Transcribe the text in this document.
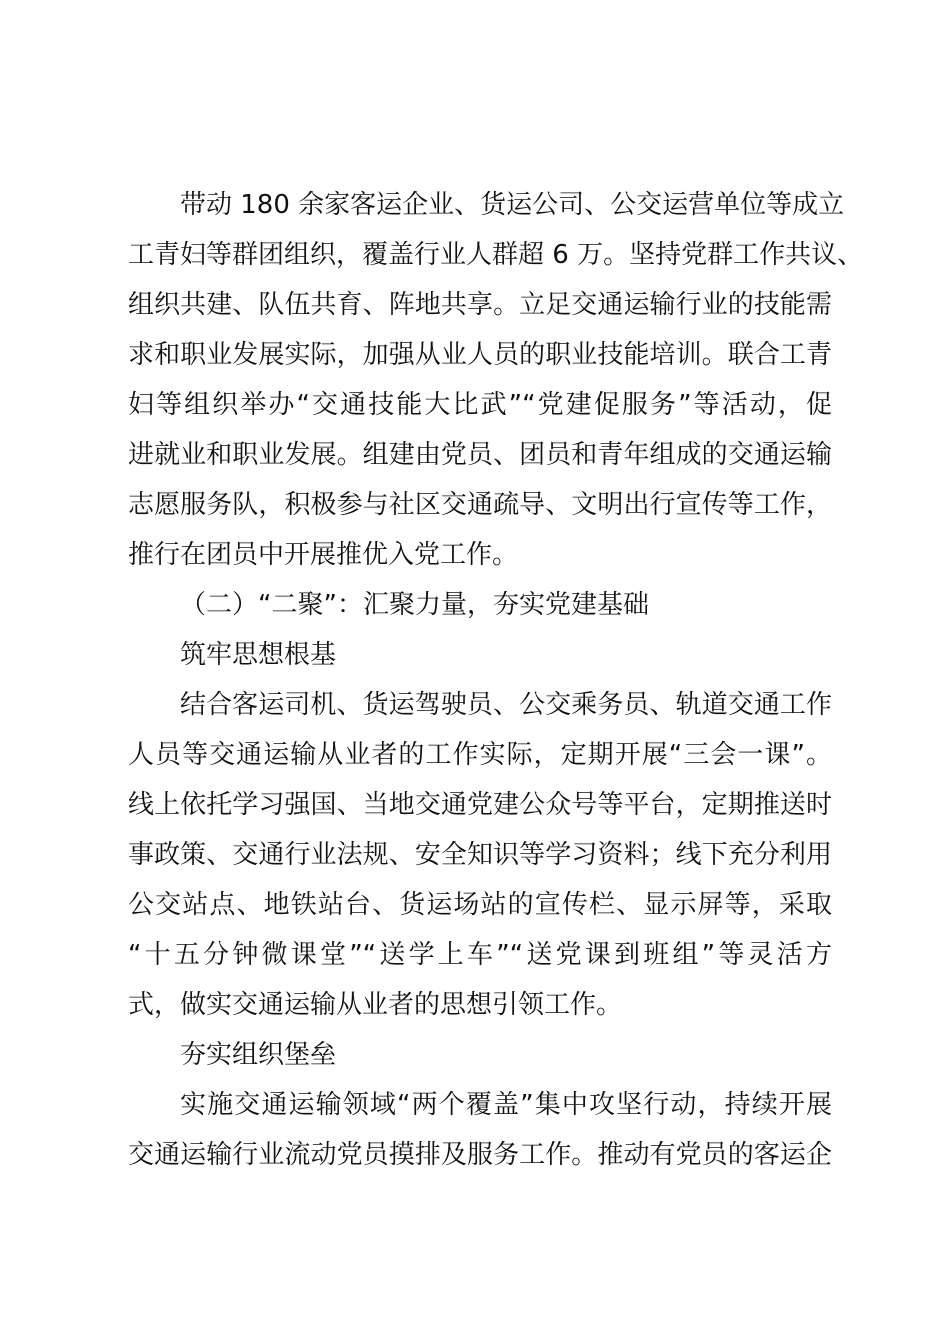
带动 180 余家客运企业、货运公司、公交运营单位等成立
工青妇等群团组织，覆盖行业人群超 6 万。坚持党群工作共议、
组织共建、队伍共育、阵地共享。立足交通运输行业的技能需
求和职业发展实际，加强从业人员的职业技能培训。联合工青
妇等组织举办“交通技能大比武”“党建促服务”等活动，促
进就业和职业发展。组建由党员、团员和青年组成的交通运输
志愿服务队，积极参与社区交通疏导、文明出行宣传等工作，
推行在团员中开展推优入党工作。
（二）“二聚”：汇聚力量，夯实党建基础
筑牢思想根基
结合客运司机、货运驾驶员、公交乘务员、轨道交通工作
人员等交通运输从业者的工作实际，定期开展“三会一课”。
线上依托学习强国、当地交通党建公众号等平台，定期推送时
事政策、交通行业法规、安全知识等学习资料；线下充分利用
公交站点、地铁站台、货运场站的宣传栏、显示屏等，采取
“十五分钟微课堂”“送学上车”“送党课到班组”等灵活方
式，做实交通运输从业者的思想引领工作。
夯实组织堡垒
实施交通运输领域“两个覆盖”集中攻坚行动，持续开展
交通运输行业流动党员摸排及服务工作。推动有党员的客运企
